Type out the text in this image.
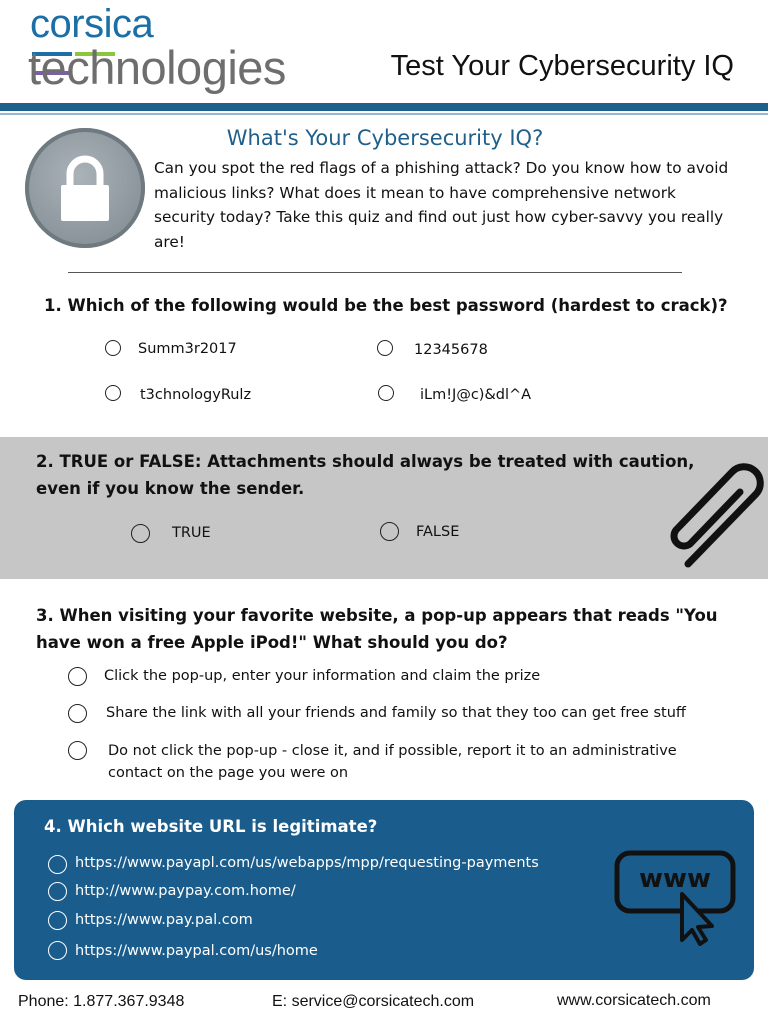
corsica
technologies	Test Your Cybersecurity IQ
What's Your Cybersecurity IQ?
Can you spot the red flags of a phishing attack? Do you know how to avoid malicious links? What does it mean to have comprehensive network security today? Take this quiz and find out just how cyber-savvy you really are!
1. Which of the following would be the best password (hardest to crack)?
Summ3r2017	12345678
t3chnologyRulz	iLm!J@c)&dl^A
2. TRUE or FALSE: Attachments should always be treated with caution,
even if you know the sender.
TRUE	FALSE
3. When visiting your favorite website, a pop-up appears that reads "You
have won a free Apple iPod!" What should you do?
Click the pop-up, enter your information and claim the prize
Share the link with all your friends and family so that they too can get free stuff
Do not click the pop-up - close it, and if possible, report it to an administrative
contact on the page you were on
4. Which website URL is legitimate?
https://www.payapl.com/us/webapps/mpp/requesting-payments
http://www.paypay.com.home/
https://www.pay.pal.com
https://www.paypal.com/us/home
www
Phone: 1.877.367.9348	E: service@corsicatech.com	www.corsicatech.com
